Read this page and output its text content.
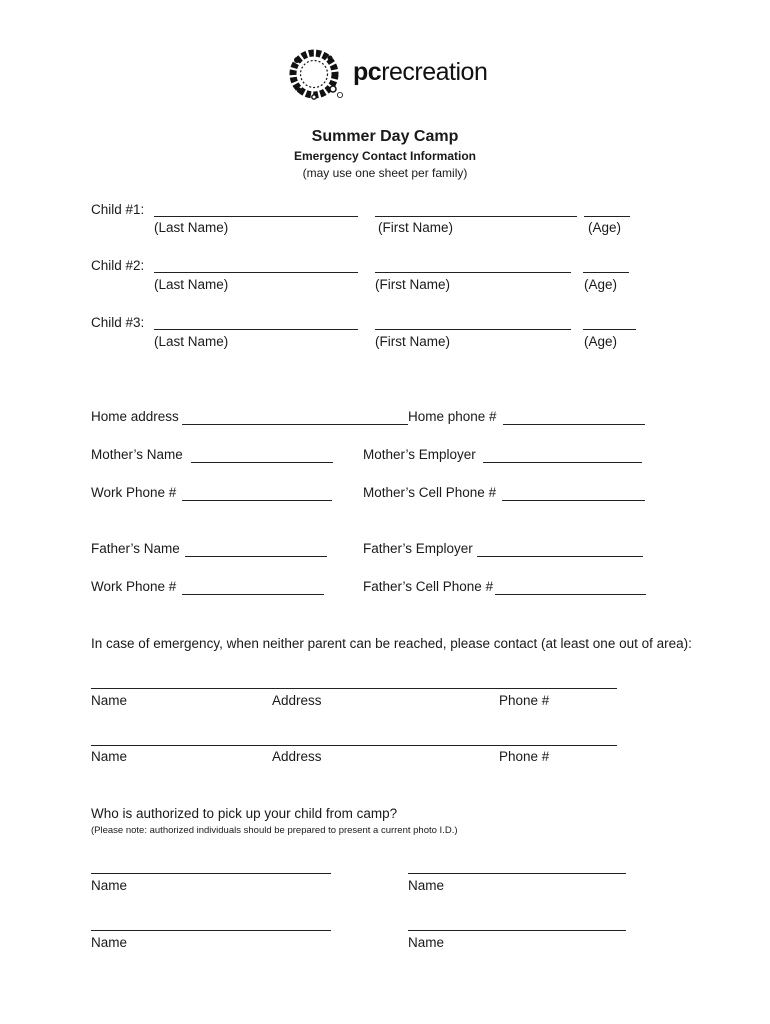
pcrecreation
Summer Day Camp
Emergency Contact Information
(may use one sheet per family)
Child #1:
(Last Name)	(First Name)	(Age)
Child #2:
(Last Name)	(First Name)	(Age)
Child #3:
(Last Name)	(First Name)	(Age)
Home address	Home phone #
Mother’s Name	Mother’s Employer
Work Phone #	Mother’s Cell Phone #
Father’s Name	Father’s Employer
Work Phone #	Father’s Cell Phone #
In case of emergency, when neither parent can be reached, please contact (at least one out of area):
Name	Address	Phone #
Name	Address	Phone #
Who is authorized to pick up your child from camp?
(Please note: authorized individuals should be prepared to present a current photo I.D.)
Name	Name
Name	Name
